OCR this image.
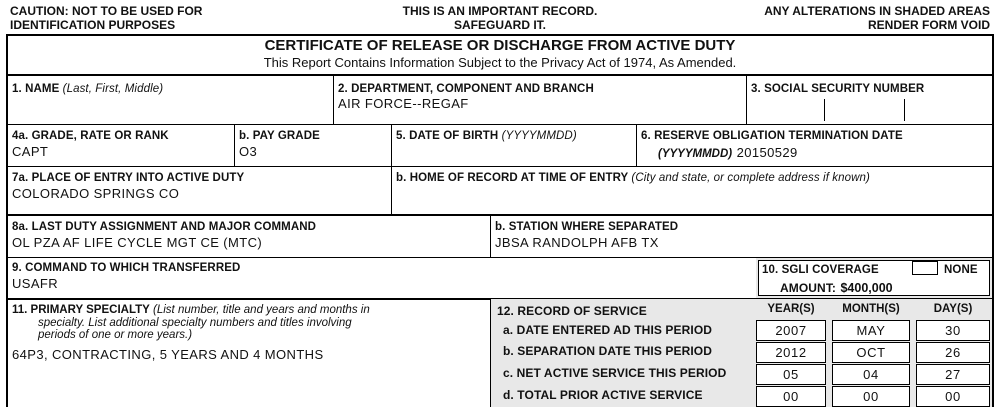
CAUTION: NOT TO BE USED FOR
IDENTIFICATION PURPOSES
THIS IS AN IMPORTANT RECORD.
SAFEGUARD IT.
ANY ALTERATIONS IN SHADED AREAS
RENDER FORM VOID
CERTIFICATE OF RELEASE OR DISCHARGE FROM ACTIVE DUTY
This Report Contains Information Subject to the Privacy Act of 1974, As Amended.
1. NAME (Last, First, Middle)	2. DEPARTMENT, COMPONENT AND BRANCH
AIR FORCE--REGAF
3. SOCIAL SECURITY NUMBER
4a. GRADE, RATE OR RANK
CAPT
b. PAY GRADE
O3
5. DATE OF BIRTH (YYYYMMDD)	6. RESERVE OBLIGATION TERMINATION DATE
(YYYYMMDD) 20150529
7a. PLACE OF ENTRY INTO ACTIVE DUTY
COLORADO SPRINGS CO
b. HOME OF RECORD AT TIME OF ENTRY (City and state, or complete address if known)
8a. LAST DUTY ASSIGNMENT AND MAJOR COMMAND
OL PZA AF LIFE CYCLE MGT CE (MTC)
b. STATION WHERE SEPARATED
JBSA RANDOLPH AFB TX
9. COMMAND TO WHICH TRANSFERRED
USAFR
10. SGLI COVERAGE	NONE
AMOUNT: $400,000
11. PRIMARY SPECIALTY (List number, title and years and months in
specialty. List additional specialty numbers and titles involving
periods of one or more years.)
64P3, CONTRACTING, 5 YEARS AND 4 MONTHS
12. RECORD OF SERVICE	YEAR(S)	MONTH(S)	DAY(S)
a. DATE ENTERED AD THIS PERIOD	2007	MAY	30
b. SEPARATION DATE THIS PERIOD	2012	OCT	26
c. NET ACTIVE SERVICE THIS PERIOD	05	04	27
d. TOTAL PRIOR ACTIVE SERVICE	00	00	00
